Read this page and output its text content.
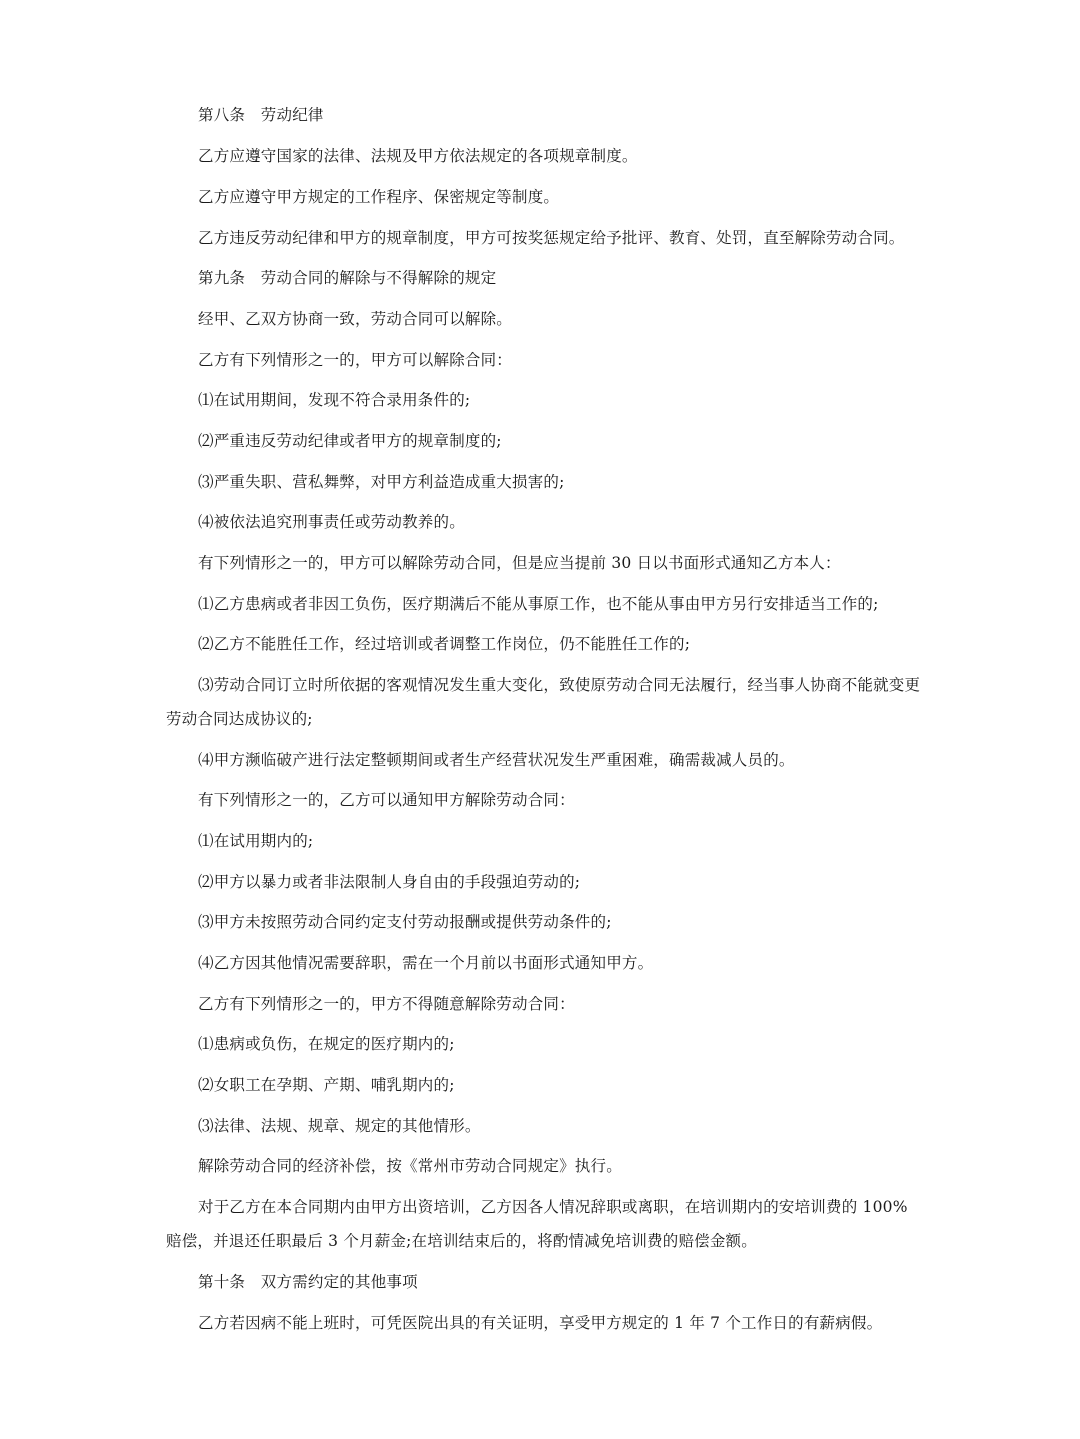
第八条　劳动纪律
乙方应遵守国家的法律、法规及甲方依法规定的各项规章制度。
乙方应遵守甲方规定的工作程序、保密规定等制度。
乙方违反劳动纪律和甲方的规章制度，甲方可按奖惩规定给予批评、教育、处罚，直至解除劳动合同。
第九条　劳动合同的解除与不得解除的规定
经甲、乙双方协商一致，劳动合同可以解除。
乙方有下列情形之一的，甲方可以解除合同：
⑴在试用期间，发现不符合录用条件的;
⑵严重违反劳动纪律或者甲方的规章制度的;
⑶严重失职、营私舞弊，对甲方利益造成重大损害的;
⑷被依法追究刑事责任或劳动教养的。
有下列情形之一的，甲方可以解除劳动合同，但是应当提前 30 日以书面形式通知乙方本人：
⑴乙方患病或者非因工负伤，医疗期满后不能从事原工作，也不能从事由甲方另行安排适当工作的;
⑵乙方不能胜任工作，经过培训或者调整工作岗位，仍不能胜任工作的;
⑶劳动合同订立时所依据的客观情况发生重大变化，致使原劳动合同无法履行，经当事人协商不能就变更劳动合同达成协议的;
⑷甲方濒临破产进行法定整顿期间或者生产经营状况发生严重困难，确需裁减人员的。
有下列情形之一的，乙方可以通知甲方解除劳动合同：
⑴在试用期内的;
⑵甲方以暴力或者非法限制人身自由的手段强迫劳动的;
⑶甲方未按照劳动合同约定支付劳动报酬或提供劳动条件的;
⑷乙方因其他情况需要辞职，需在一个月前以书面形式通知甲方。
乙方有下列情形之一的，甲方不得随意解除劳动合同：
⑴患病或负伤，在规定的医疗期内的;
⑵女职工在孕期、产期、哺乳期内的;
⑶法律、法规、规章、规定的其他情形。
解除劳动合同的经济补偿，按《常州市劳动合同规定》执行。
对于乙方在本合同期内由甲方出资培训，乙方因各人情况辞职或离职，在培训期内的安培训费的 100% 赔偿，并退还任职最后 3 个月薪金;在培训结束后的，将酌情减免培训费的赔偿金额。
第十条　双方需约定的其他事项
乙方若因病不能上班时，可凭医院出具的有关证明，享受甲方规定的 1 年 7 个工作日的有薪病假。
